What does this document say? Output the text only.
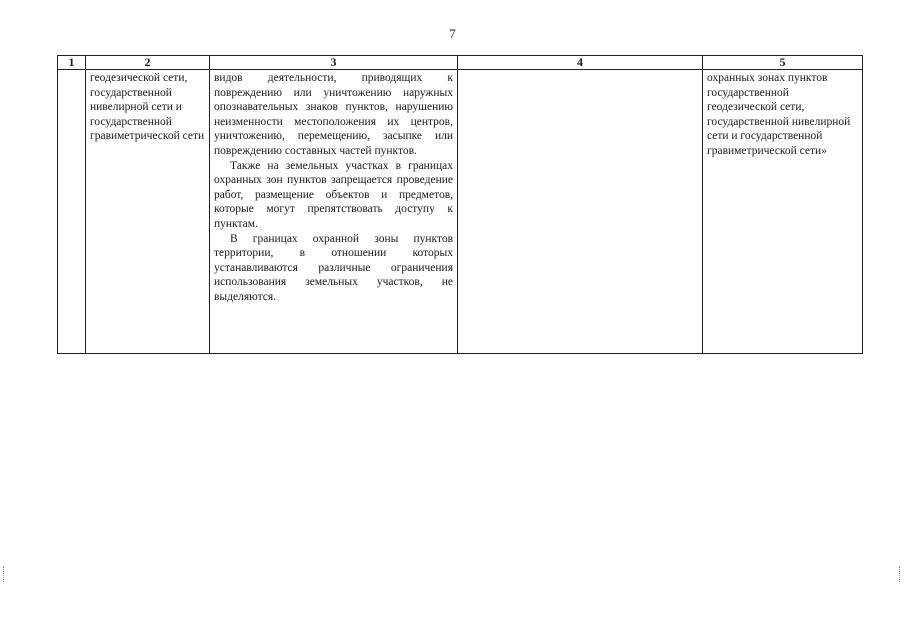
7
1	2	3	4	5
	геодезической сети, государственной нивелирной сети и государственной гравиметрической сети	видов деятельности, приводящих к повреждению или уничтожению наружных опознавательных знаков пунктов, нарушению неизменности местоположения их центров, уничтожению, перемещению, засыпке или повреждению составных частей пунктов.

Также на земельных участках в границах охранных зон пунктов запрещается проведение работ, размещение объектов и предметов, которые могут препятствовать доступу к пунктам.

В границах охранной зоны пунктов территории, в отношении которых устанавливаются различные ограничения использования земельных участков, не выделяются.		охранных зонах пунктов государственной геодезической сети, государственной нивелирной сети и государственной гравиметрической сети»
